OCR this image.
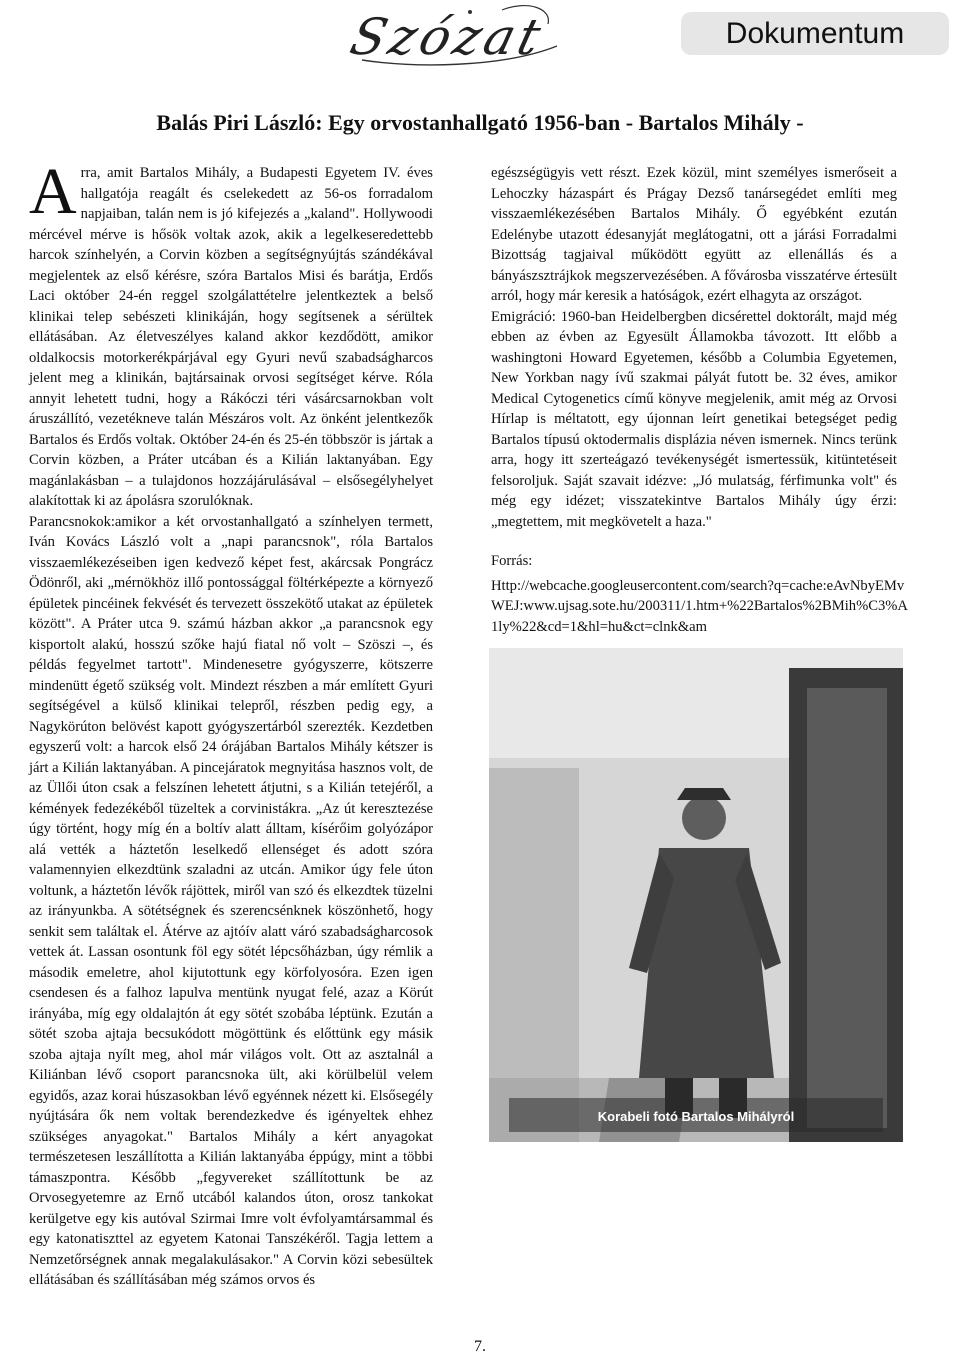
Szózat	Dokumentum
Balás Piri László: Egy orvostanhallgató 1956-ban - Bartalos Mihály -
A rra, amit Bartalos Mihály, a Budapesti Egyetem IV. éves hallgatója reagált és cselekedett az 56-os forradalom napjaiban, talán nem is jó kifejezés a „kaland". Hollywoodi mércével mérve is hősök voltak azok, akik a legelkeseredettebb harcok színhelyén, a Corvin közben a segítségnyújtás szándékával megjelentek az első kérésre, szóra Bartalos Misi és barátja, Erdős Laci október 24-én reggel szolgálattételre jelentkeztek a belső klinikai telep sebészeti klinikáján, hogy segítsenek a sérültek ellátásában. Az életveszélyes kaland akkor kezdődött, amikor oldalkocsis motorkerékpárjával egy Gyuri nevű szabadságharcos jelent meg a klinikán, bajtársainak orvosi segítséget kérve. Róla annyit lehetett tudni, hogy a Rákóczi téri vásárcsarnokban volt áruszállító, vezetékneve talán Mészáros volt. Az önként jelentkezők Bartalos és Erdős voltak. Október 24-én és 25-én többször is jártak a Corvin közben, a Práter utcában és a Kilián laktanyában. Egy magánlakásban – a tulajdonos hozzájárulásával – elsősegélyhelyet alakítottak ki az ápolásra szorulóknak.

Parancsnokok:amikor a két orvostanhallgató a színhelyen termett, Iván Kovács László volt a „napi parancsnok", róla Bartalos visszaemlékezéseiben igen kedvező képet fest, akárcsak Pongrácz Ödönről, aki „mérnökhöz illő pontossággal föltérképezte a környező épületek pincéinek fekvését és tervezett összekötő utakat az épületek között". A Práter utca 9. számú házban akkor „a parancsnok egy kisportolt alakú, hosszú szőke hajú fiatal nő volt – Szöszi –, és példás fegyelmet tartott". Mindenesetre gyógyszerre, kötszerre mindenütt égető szükség volt. Mindezt részben a már említett Gyuri segítségével a külső klinikai telepről, részben pedig egy, a Nagykörúton belövést kapott gyógyszertárból szerezték. Kezdetben egyszerű volt: a harcok első 24 órájában Bartalos Mihály kétszer is járt a Kilián laktanyában. A pincejáratok megnyitása hasznos volt, de az Üllői úton csak a felszínen lehetett átjutni, s a Kilián tetejéről, a kémények fedezékéből tüzeltek a corvinistákra. „Az út keresztezése úgy történt, hogy míg én a boltív alatt álltam, kísérőim golyózápor alá vették a háztetőn leselkedő ellenséget és adott szóra valamennyien elkezdtünk szaladni az utcán. Amikor úgy fele úton voltunk, a háztetőn lévők rájöttek, miről van szó és elkezdtek tüzelni az irányunkba. A sötétségnek és szerencsénknek köszönhető, hogy senkit sem találtak el. Átérve az ajtóív alatt váró szabadságharcosok vettek át. Lassan osontunk föl egy sötét lépcsőházban, úgy rémlik a második emeletre, ahol kijutottunk egy körfolyosóra. Ezen igen csendesen és a falhoz lapulva mentünk nyugat felé, azaz a Körút irányába, míg egy oldalajtón át egy sötét szobába léptünk. Ezután a sötét szoba ajtaja becsukódott mögöttünk és előttünk egy másik szoba ajtaja nyílt meg, ahol már világos volt. Ott az asztalnál a Kiliánban lévő csoport parancsnoka ült, aki körülbelül velem egyidős, azaz korai húszasokban lévő egyénnek nézett ki. Elsősegély nyújtására ők nem voltak berendezkedve és igényeltek ehhez szükséges anyagokat." Bartalos Mihály a kért anyagokat természetesen leszállította a Kilián laktanyába éppúgy, mint a többi támaszpontra. Később „fegyvereket szállítottunk be az Orvosegyetemre az Ernő utcából kalandos úton, orosz tankokat kerülgetve egy kis autóval Szirmai Imre volt évfolyamtársammal és egy katonatiszttel az egyetem Katonai Tanszékéről. Tagja lettem a Nemzetőrségnek annak megalakulásakor." A Corvin közi sebesültek ellátásában és szállításában még számos orvos és

egészségügyis vett részt. Ezek közül, mint személyes ismerőseit a Lehoczky házaspárt és Prágay Dezső tanársegédet említi meg visszaemlékezésében Bartalos Mihály. Ő egyébként ezután Edelénybe utazott édesanyját meglátogatni, ott a járási Forradalmi Bizottság tagjaival működött együtt az ellenállás és a bányászsztrájkok megszervezésében. A fővárosba visszatérve értesült arról, hogy már keresik a hatóságok, ezért elhagyta az országot.

Emigráció: 1960-ban Heidelbergben dicsérettel doktorált, majd még ebben az évben az Egyesült Államokba távozott. Itt előbb a washingtoni Howard Egyetemen, később a Columbia Egyetemen, New Yorkban nagy ívű szakmai pályát futott be. 32 éves, amikor Medical Cytogenetics című könyve megjelenik, amit még az Orvosi Hírlap is méltatott, egy újonnan leírt genetikai betegséget pedig Bartalos típusú oktodermalis displázia néven ismernek. Nincs terünk arra, hogy itt szerteágazó tevékenységét ismertessük, kitüntetéseit felsoroljuk. Saját szavait idézve: „Jó mulatság, férfimunka volt" és még egy idézet; visszatekintve Bartalos Mihály úgy érzi: „megtettem, mit megkövetelt a haza."

Forrás:

Http://webcache.googleusercontent.com/search?q=cache:eAvNbyEMvWEJ:www.ujsag.sote.hu/200311/1.htm+%22Bartalos%2BMih%C3%A1ly%22&cd=1&hl=hu&ct=clnk&am

Korabeli fotó Bartalos Mihályról
7.
